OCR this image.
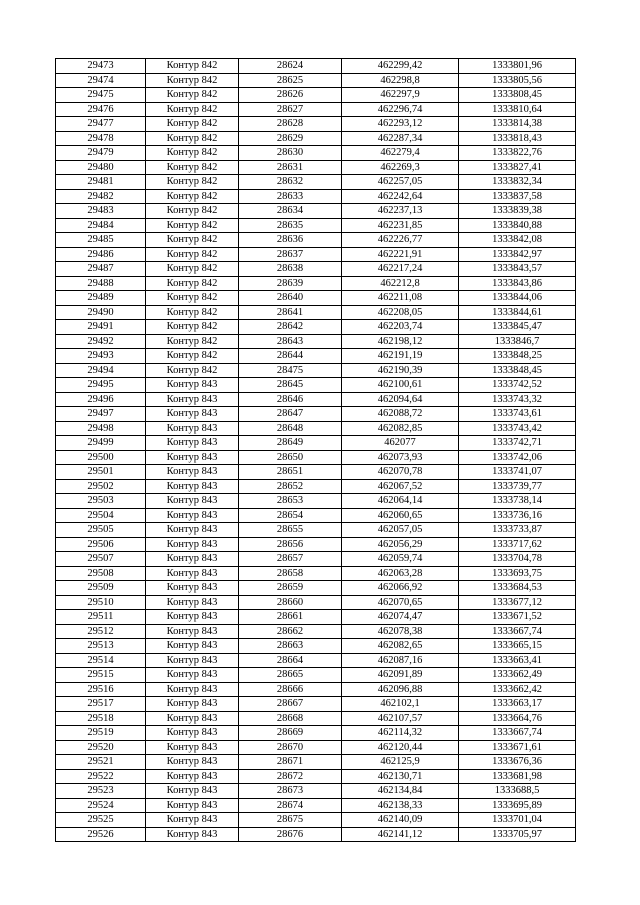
29473	Контур 842	28624	462299,42	1333801,96
29474	Контур 842	28625	462298,8	1333805,56
29475	Контур 842	28626	462297,9	1333808,45
29476	Контур 842	28627	462296,74	1333810,64
29477	Контур 842	28628	462293,12	1333814,38
29478	Контур 842	28629	462287,34	1333818,43
29479	Контур 842	28630	462279,4	1333822,76
29480	Контур 842	28631	462269,3	1333827,41
29481	Контур 842	28632	462257,05	1333832,34
29482	Контур 842	28633	462242,64	1333837,58
29483	Контур 842	28634	462237,13	1333839,38
29484	Контур 842	28635	462231,85	1333840,88
29485	Контур 842	28636	462226,77	1333842,08
29486	Контур 842	28637	462221,91	1333842,97
29487	Контур 842	28638	462217,24	1333843,57
29488	Контур 842	28639	462212,8	1333843,86
29489	Контур 842	28640	462211,08	1333844,06
29490	Контур 842	28641	462208,05	1333844,61
29491	Контур 842	28642	462203,74	1333845,47
29492	Контур 842	28643	462198,12	1333846,7
29493	Контур 842	28644	462191,19	1333848,25
29494	Контур 842	28475	462190,39	1333848,45
29495	Контур 843	28645	462100,61	1333742,52
29496	Контур 843	28646	462094,64	1333743,32
29497	Контур 843	28647	462088,72	1333743,61
29498	Контур 843	28648	462082,85	1333743,42
29499	Контур 843	28649	462077	1333742,71
29500	Контур 843	28650	462073,93	1333742,06
29501	Контур 843	28651	462070,78	1333741,07
29502	Контур 843	28652	462067,52	1333739,77
29503	Контур 843	28653	462064,14	1333738,14
29504	Контур 843	28654	462060,65	1333736,16
29505	Контур 843	28655	462057,05	1333733,87
29506	Контур 843	28656	462056,29	1333717,62
29507	Контур 843	28657	462059,74	1333704,78
29508	Контур 843	28658	462063,28	1333693,75
29509	Контур 843	28659	462066,92	1333684,53
29510	Контур 843	28660	462070,65	1333677,12
29511	Контур 843	28661	462074,47	1333671,52
29512	Контур 843	28662	462078,38	1333667,74
29513	Контур 843	28663	462082,65	1333665,15
29514	Контур 843	28664	462087,16	1333663,41
29515	Контур 843	28665	462091,89	1333662,49
29516	Контур 843	28666	462096,88	1333662,42
29517	Контур 843	28667	462102,1	1333663,17
29518	Контур 843	28668	462107,57	1333664,76
29519	Контур 843	28669	462114,32	1333667,74
29520	Контур 843	28670	462120,44	1333671,61
29521	Контур 843	28671	462125,9	1333676,36
29522	Контур 843	28672	462130,71	1333681,98
29523	Контур 843	28673	462134,84	1333688,5
29524	Контур 843	28674	462138,33	1333695,89
29525	Контур 843	28675	462140,09	1333701,04
29526	Контур 843	28676	462141,12	1333705,97
